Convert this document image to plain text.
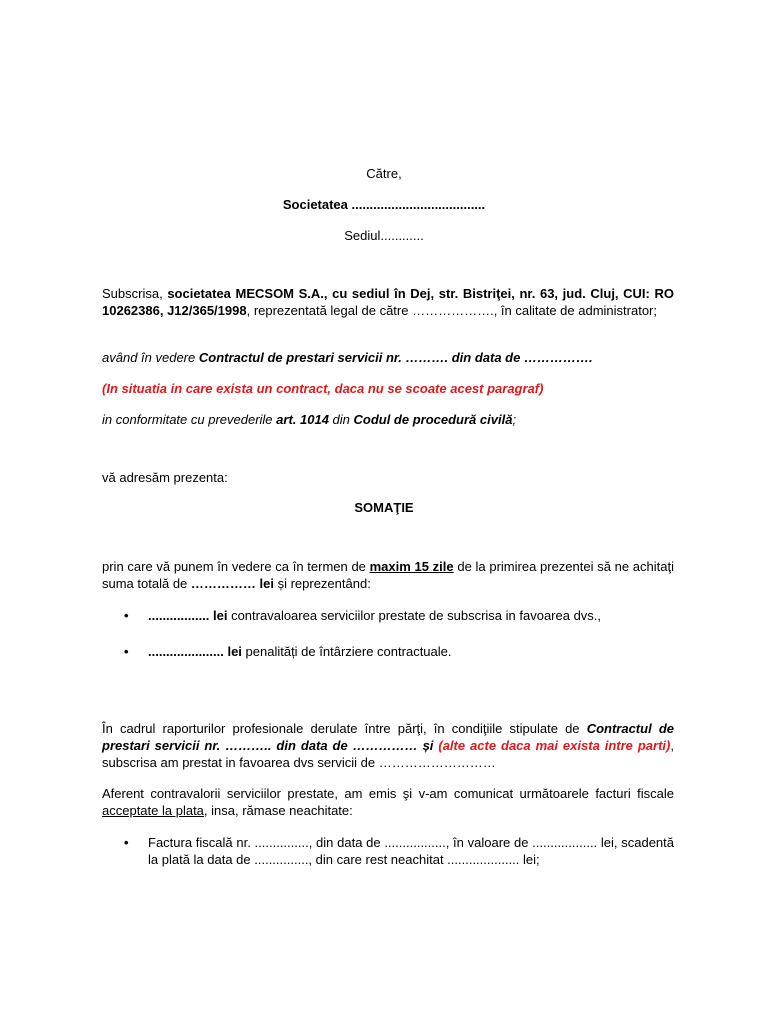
Către,
Societatea .....................................
Sediul............
Subscrisa, societatea MECSOM S.A., cu sediul în Dej, str. Bistriţei, nr. 63, jud. Cluj, CUI: RO 10262386, J12/365/1998, reprezentată legal de către ………………., în calitate de administrator;
având în vedere Contractul de prestari servicii nr. ………. din data de …………….
(In situatia in care exista un contract, daca nu se scoate acest paragraf)
in conformitate cu prevederile art. 1014 din Codul de procedură civilă;
vă adresăm prezenta:
SOMAŢIE
prin care vă punem în vedere ca în termen de maxim 15 zile de la primirea prezentei să ne achitaţi suma totală de …………… lei și reprezentând:
• ................. lei contravaloarea serviciilor prestate de subscrisa in favoarea dvs.,
• ..................... lei penalități de întârziere contractuale.
În cadrul raporturilor profesionale derulate între părţi, în condiţiile stipulate de Contractul de prestari servicii nr. ……….. din data de …………… și (alte acte daca mai exista intre parti), subscrisa am prestat in favoarea dvs servicii de ………………………
Aferent contravalorii serviciilor prestate, am emis şi v-am comunicat următoarele facturi fiscale acceptate la plata, insa, rămase neachitate:
• Factura fiscală nr. ..............., din data de ................., în valoare de .................. lei, scadentă la plată la data de ..............., din care rest neachitat .................... lei;
